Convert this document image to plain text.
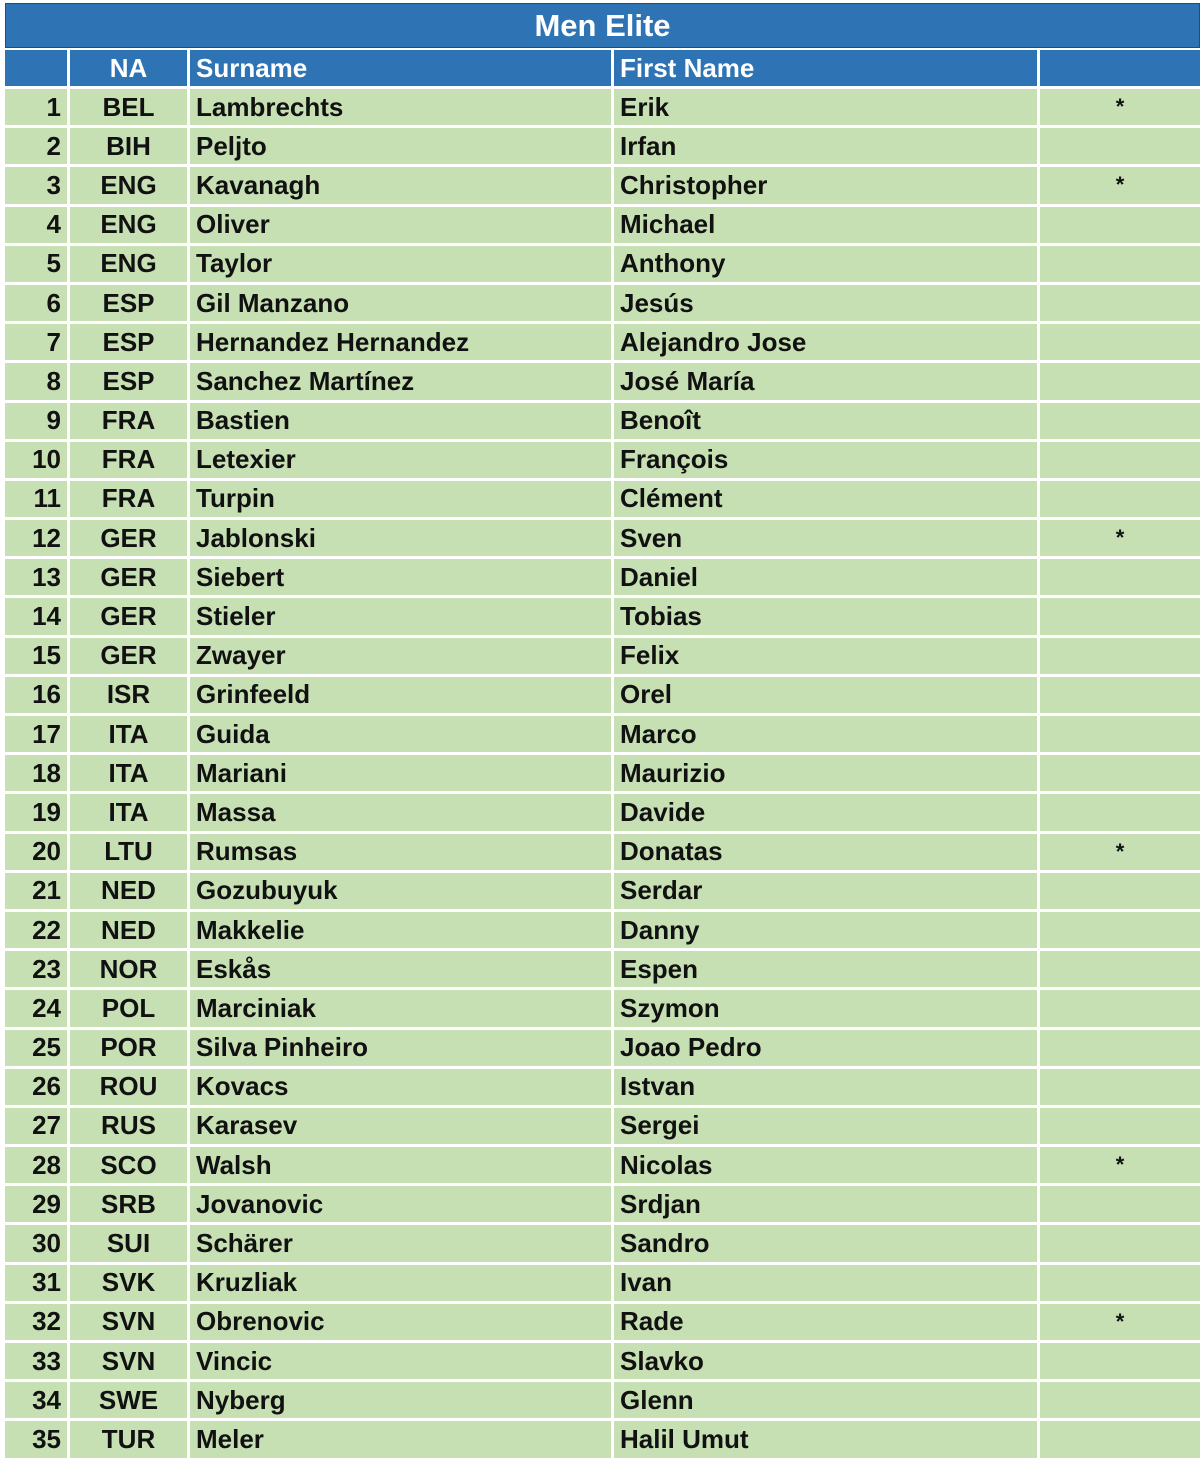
Men Elite
	NA	Surname	First Name	
1	BEL	Lambrechts	Erik	*
2	BIH	Peljto	Irfan	
3	ENG	Kavanagh	Christopher	*
4	ENG	Oliver	Michael	
5	ENG	Taylor	Anthony	
6	ESP	Gil Manzano	Jesús	
7	ESP	Hernandez Hernandez	Alejandro Jose	
8	ESP	Sanchez Martínez	José María	
9	FRA	Bastien	Benoît	
10	FRA	Letexier	François	
11	FRA	Turpin	Clément	
12	GER	Jablonski	Sven	*
13	GER	Siebert	Daniel	
14	GER	Stieler	Tobias	
15	GER	Zwayer	Felix	
16	ISR	Grinfeeld	Orel	
17	ITA	Guida	Marco	
18	ITA	Mariani	Maurizio	
19	ITA	Massa	Davide	
20	LTU	Rumsas	Donatas	*
21	NED	Gozubuyuk	Serdar	
22	NED	Makkelie	Danny	
23	NOR	Eskås	Espen	
24	POL	Marciniak	Szymon	
25	POR	Silva Pinheiro	Joao Pedro	
26	ROU	Kovacs	Istvan	
27	RUS	Karasev	Sergei	
28	SCO	Walsh	Nicolas	*
29	SRB	Jovanovic	Srdjan	
30	SUI	Schärer	Sandro	
31	SVK	Kruzliak	Ivan	
32	SVN	Obrenovic	Rade	*
33	SVN	Vincic	Slavko	
34	SWE	Nyberg	Glenn	
35	TUR	Meler	Halil Umut	
